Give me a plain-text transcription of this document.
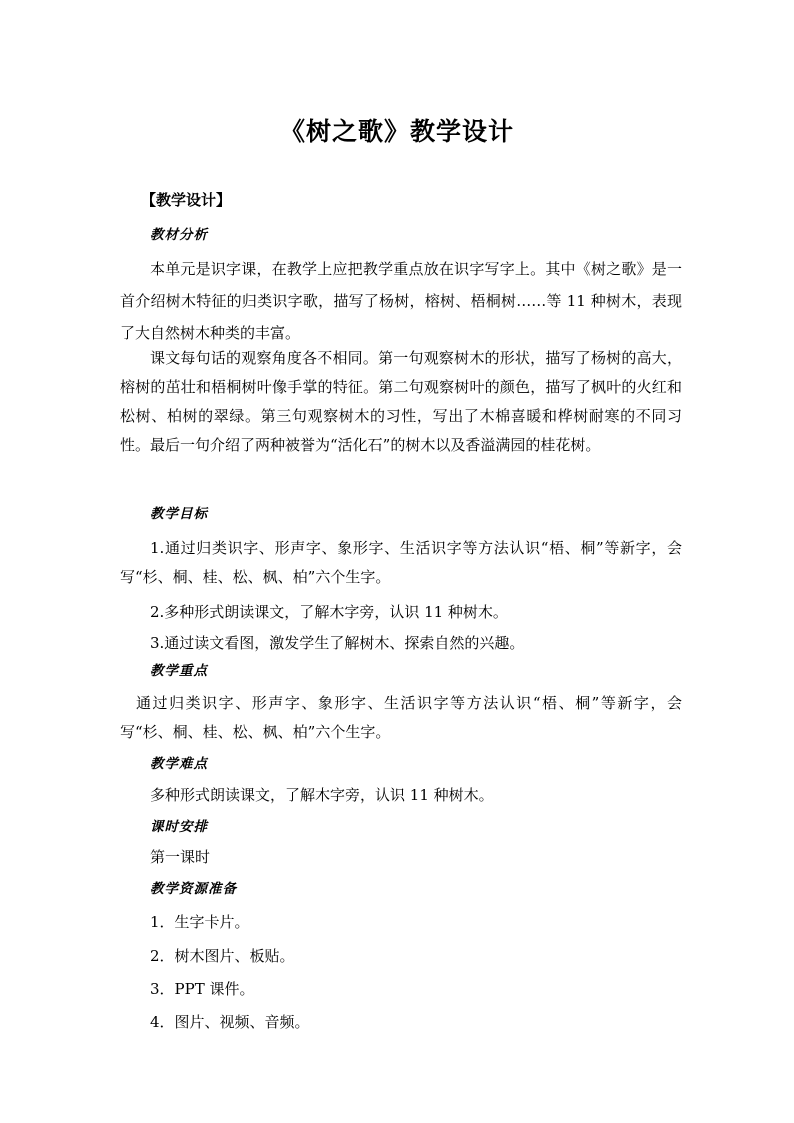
《树之歌》教学设计
【教学设计】
教材分析
本单元是识字课，在教学上应把教学重点放在识字写字上。其中《树之歌》是一首介绍树木特征的归类识字歌，描写了杨树，榕树、梧桐树……等 11 种树木，表现了大自然树木种类的丰富。
课文每句话的观察角度各不相同。第一句观察树木的形状，描写了杨树的高大，榕树的茁壮和梧桐树叶像手掌的特征。第二句观察树叶的颜色，描写了枫叶的火红和松树、柏树的翠绿。第三句观察树木的习性，写出了木棉喜暖和桦树耐寒的不同习性。最后一句介绍了两种被誉为“活化石”的树木以及香溢满园的桂花树。
教学目标
1.通过归类识字、形声字、象形字、生活识字等方法认识“梧、桐”等新字，会写“杉、桐、桂、松、枫、柏”六个生字。
2.多种形式朗读课文，了解木字旁，认识 11 种树木。
3.通过读文看图，激发学生了解树木、探索自然的兴趣。
教学重点
通过归类识字、形声字、象形字、生活识字等方法认识“梧、桐”等新字，会写“杉、桐、桂、松、枫、柏”六个生字。
教学难点
多种形式朗读课文，了解木字旁，认识 11 种树木。
课时安排
第一课时
教学资源准备
1．生字卡片。
2．树木图片、板贴。
3．PPT 课件。
4．图片、视频、音频。
